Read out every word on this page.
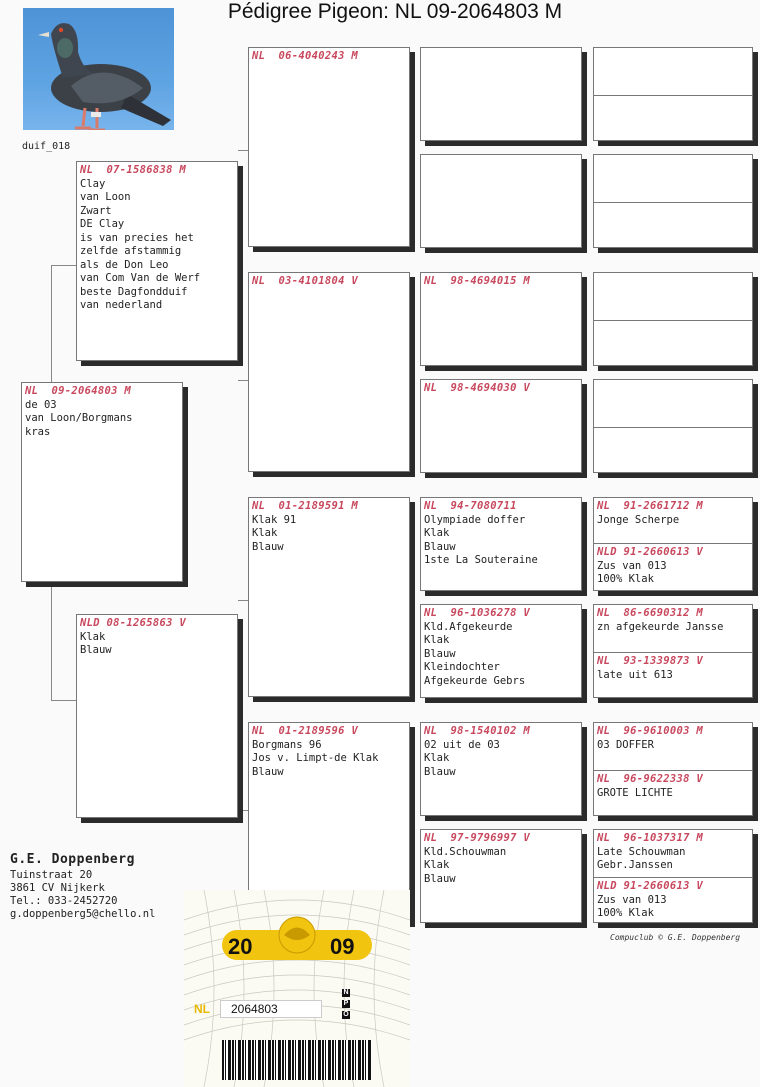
Pédigree Pigeon: NL 09-2064803 M
duif_018
NL  09-2064803 M
de 03
van Loon/Borgmans
kras
NL  07-1586838 M
Clay
van Loon
Zwart
DE Clay
is van precies het
zelfde afstammig
als de Don Leo
van Com Van de Werf
beste Dagfondduif
van nederland
NLD 08-1265863 V
Klak
Blauw
NL  06-4040243 M
NL  03-4101804 V
NL  01-2189591 M
Klak 91
Klak
Blauw
NL  01-2189596 V
Borgmans 96
Jos v. Limpt-de Klak
Blauw
NL  98-4694015 M
NL  98-4694030 V
NL  94-7080711
Olympiade doffer
Klak
Blauw
1ste La Souteraine
NL  96-1036278 V
Kld.Afgekeurde
Klak
Blauw
Kleindochter
Afgekeurde Gebrs
NL  98-1540102 M
02 uit de 03
Klak
Blauw
NL  97-9796997 V
Kld.Schouwman
Klak
Blauw
NL  91-2661712 M
Jonge Scherpe
NLD 91-2660613 V
Zus van 013
100% Klak
NL  86-6690312 M
zn afgekeurde Jansse
NL  93-1339873 V
late uit 613
NL  96-9610003 M
03 DOFFER
NL  96-9622338 V
GROTE LICHTE
NL  96-1037317 M
Late Schouwman
Gebr.Janssen
NLD 91-2660613 V
Zus van 013
100% Klak
G.E. Doppenberg
Tuinstraat 20
3861 CV Nijkerk
Tel.: 033-2452720
g.doppenberg5@chello.nl
Compuclub © G.E. Doppenberg
20	09
NL	2064803
N
P
O
